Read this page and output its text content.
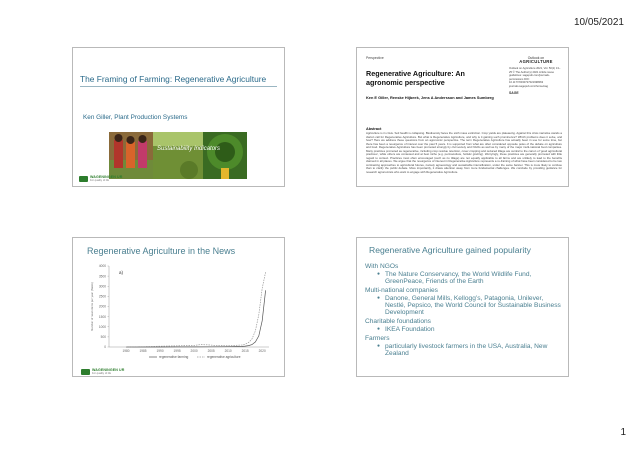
10/05/2021
The Framing of Farming: Regenerative Agriculture
Ken Giller, Plant Production Systems
Sustainability Indicators
WAGENINGEN UR
For quality of life
Perspective
Regenerative Agriculture: An agronomic perspective
Ken E Giller, Renske Hijbeek, Jens A Andersson and James Sumberg
Outlook on
AGRICULTURE
Outlook on Agriculture 2021, Vol. 50(1) 13–25 © The Author(s) 2021 Article reuse guidelines: sagepub.com/journals-permissions DOI: 10.1177/0030727021998063 journals.sagepub.com/home/oag
SAGE
Abstract
Agriculture is in crisis. Soil health is collapsing. Biodiversity faces the sixth mass extinction. Crop yields are plateauing. Against this crisis narrative stands a clarion call for Regenerative Agriculture. But what is Regenerative Agriculture, and why is it gaining such prominence? Which problems does it solve, and how? Here we address these questions from an agronomic perspective. The term Regenerative Agriculture has actually been in use for some time, but there has been a resurgence of interest over the past 5 years. It is supported from what are often considered opposite poles of the debate on agriculture and food. Regenerative Agriculture has been promoted strongly by civil society and NGOs as well as by many of the major multi-national food companies. Many practices promoted as regenerative, including crop residue retention, cover cropping and reduced tillage are central to the canon of 'good agricultural practices', while others are contested and at best niche (e.g. permaculture, holistic grazing). Worryingly, these practices are generally promoted with little regard to context. Practices most often encouraged (such as no tillage) are not equally applicable to all farms and are unlikely to lead to the benefits claimed in all places. We argue that the resurgence of interest in Regenerative Agriculture represents a re-framing of what have been considered to be two contrasting approaches to agricultural futures, namely agroecology and sustainable intensification, under the same banner. This is more likely to confuse than to clarify the public debate. More importantly, it draws attention away from more fundamental challenges. We conclude by providing guidance for research agronomists who want to engage with Regenerative Agriculture.
Regenerative Agriculture in the News
0
500
1000
1500
2000
2500
3000
3500
4000
1980	1985	1990	1995	2000	2005	2010	2015	2020
Number of news items per year (Nexis)
a)
regenerative farming	regenerative agriculture
WAGENINGEN UR
For quality of life
Regenerative Agriculture gained popularity
With NGOs
● The Nature Conservancy, the World Wildlife Fund, GreenPeace, Friends of the Earth
Multi-national companies
● Danone, General Mills, Kellogg’s, Patagonia, Unilever, Nestlé, Pepsico, the World Council for Sustainable Business Development
Charitable foundations
● IKEA Foundation
Farmers
● particularly livestock farmers in the USA, Australia, New Zealand
1
